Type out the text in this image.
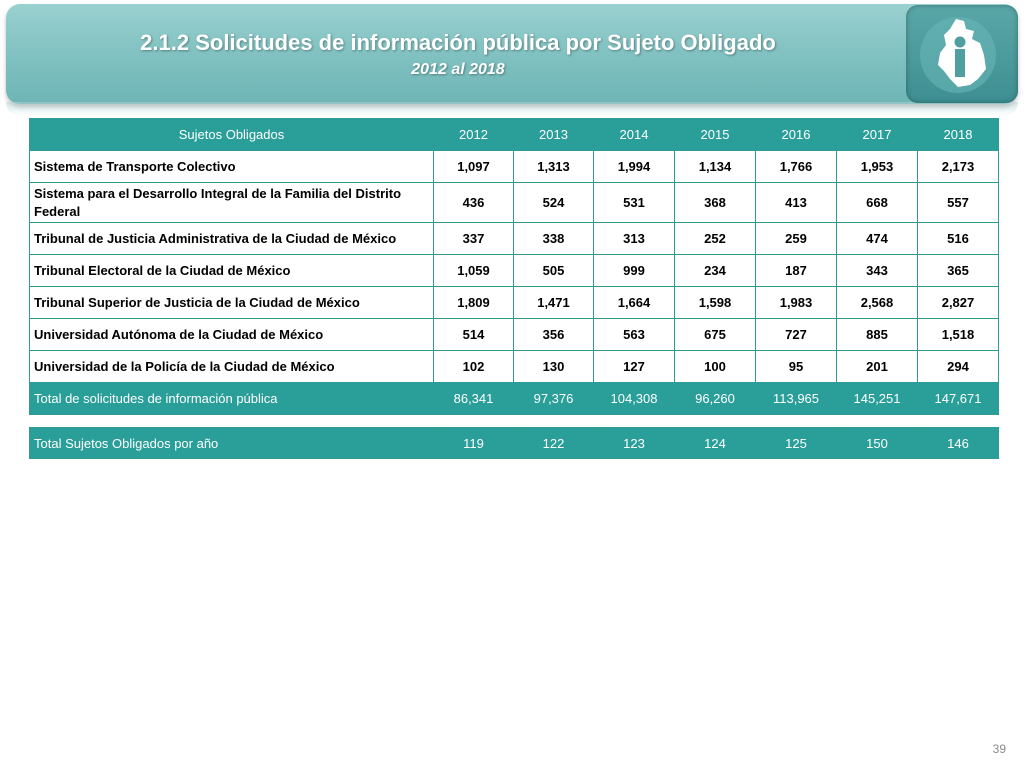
2.1.2 Solicitudes de información pública por Sujeto Obligado
2012 al 2018
Sujetos Obligados	2012	2013	2014	2015	2016	2017	2018
Sistema de Transporte Colectivo	1,097	1,313	1,994	1,134	1,766	1,953	2,173
Sistema para el Desarrollo Integral de la Familia del Distrito Federal	436	524	531	368	413	668	557
Tribunal de Justicia Administrativa de la Ciudad de México	337	338	313	252	259	474	516
Tribunal Electoral de la Ciudad de México	1,059	505	999	234	187	343	365
Tribunal Superior de Justicia de la Ciudad de México	1,809	1,471	1,664	1,598	1,983	2,568	2,827
Universidad Autónoma de la Ciudad de México	514	356	563	675	727	885	1,518
Universidad de la Policía de la Ciudad de México	102	130	127	100	95	201	294
Total de solicitudes de información pública	86,341	97,376	104,308	96,260	113,965	145,251	147,671

Total Sujetos Obligados por año	119	122	123	124	125	150	146
39
